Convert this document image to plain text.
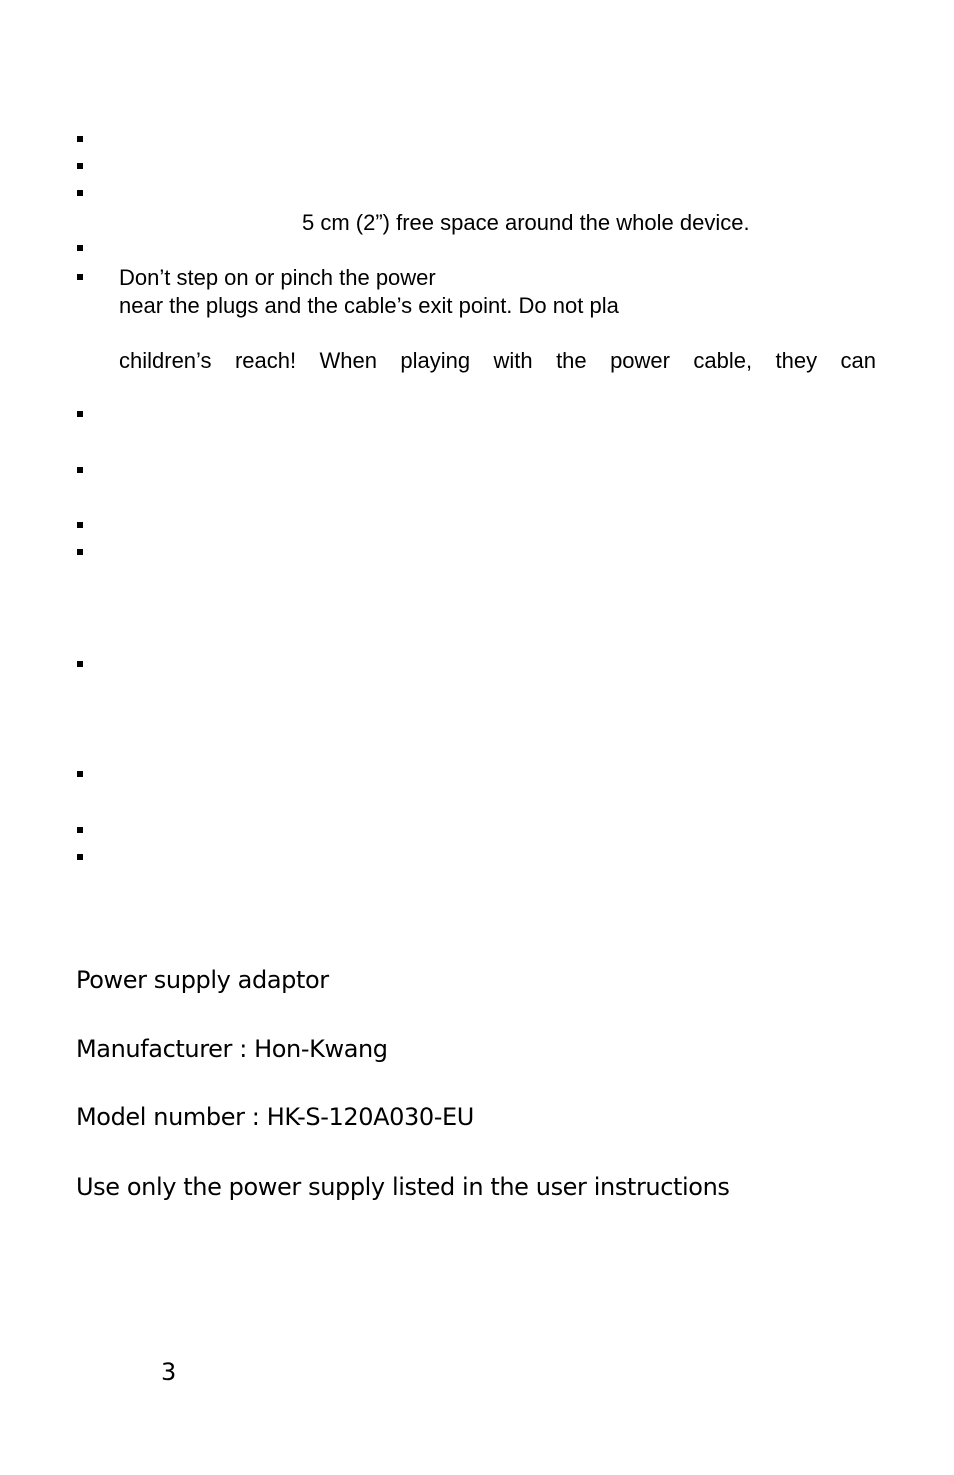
5 cm (2”) free space around the whole device.
Don’t step on or pinch the power
near the plugs and the cable’s exit point. Do not pla
children’s reach! When playing with the power cable, they can
Power supply adaptor
Manufacturer : Hon-Kwang
Model number : HK-S-120A030-EU
Use only the power supply listed in the user instructions
3
